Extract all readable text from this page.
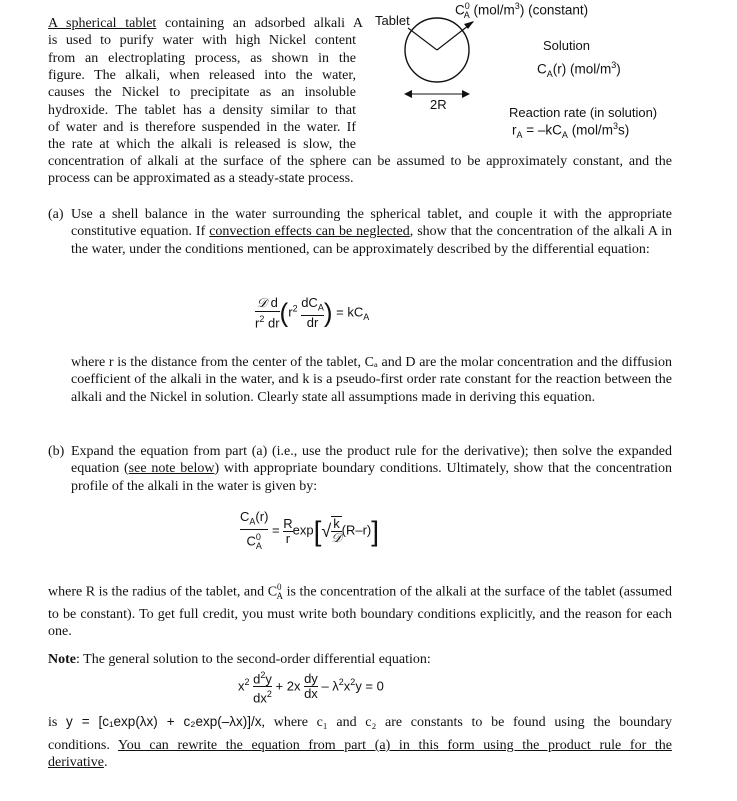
A spherical tablet containing an adsorbed alkali A
is used to purify water with high Nickel content
from an electroplating process, as shown in the
figure. The alkali, when released into the water,
causes the Nickel to precipitate as an insoluble
hydroxide. The tablet has a density similar to that
of water and is therefore suspended in the water. If
the rate at which the alkali is released is slow, the
concentration of alkali at the surface of the sphere can be assumed to be approximately constant, and the process can be approximated as a steady-state process.
Tablet
2R
$C^0_A$ $(mol/m^3)$ (constant)
Solution
$C_A(r)$ $(mol/m^3)$
Reaction rate (in solution)
$r_A = -kC_A$ $(mol/m^3s)$
(a) Use a shell balance in the water surrounding the spherical tablet, and couple it with the appropriate constitutive equation. If convection effects can be neglected, show that the concentration of the alkali A in the water, under the conditions mentioned, can be approximately described by the differential equation:
$\frac{\text{𝒟 d}}{r^2 dr} (r^2 \frac{dC_A}{dr}$ ) = $kC_A$
where r is the distance from the center of the tablet, Cₐ and D are the molar concentration and the diffusion coefficient of the alkali in the water, and k is a pseudo-first order rate constant for the reaction between the alkali and the Nickel in solution. Clearly state all assumptions made in deriving this equation.
(b) Expand the equation from part (a) (i.e., use the product rule for the derivative); then solve the expanded equation (see note below) with appropriate boundary conditions. Ultimately, show that the concentration profile of the alkali in the water is given by:
$\frac{C_A(r)}{C^0_A} = \frac{R}{r} \exp[√ \frac{k}{\text{𝒟}} (R-r)]$
where R is the radius of the tablet, and $C^0_A$ is the concentration of the alkali at the surface of the tablet (assumed to be constant). To get full credit, you must write both boundary conditions explicitly, and the reason for each one.
Note: The general solution to the second-order differential equation:
$x^2 \frac{d^2y}{dx^2} + 2x \frac{dy}{dx} - \lambda^2x^2y = 0$
is y = [c₁exp(λx) + c₂exp(–λx)]/x, where c₁ and c₂ are constants to be found using the boundary
conditions. You can rewrite the equation from part (a) in this form using the product rule for the
derivative.
